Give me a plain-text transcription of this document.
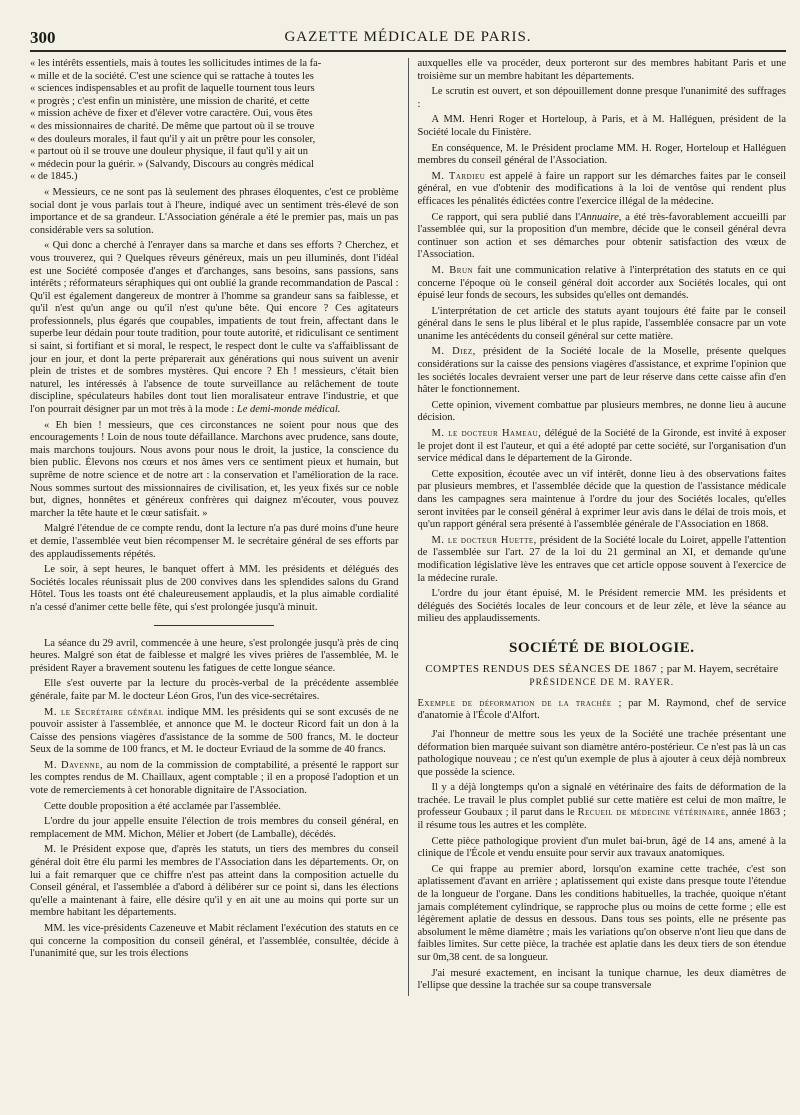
300	GAZETTE MÉDICALE DE PARIS.
« les intérêts essentiels, mais à toutes les sollicitudes intimes de la fa-
« mille et de la société. C'est une science qui se rattache à toutes les
« sciences indispensables et au profit de laquelle tournent tous leurs
« progrès ; c'est enfin un ministère, une mission de charité, et cette
« mission achève de fixer et d'élever votre caractère. Oui, vous êtes
« des missionnaires de charité. De même que partout où il se trouve
« des douleurs morales, il faut qu'il y ait un prêtre pour les consoler,
« partout où il se trouve une douleur physique, il faut qu'il y ait un
« médecin pour la guérir. » (Salvandy, Discours au congrès médical
« de 1845.)

« Messieurs, ce ne sont pas là seulement des phrases éloquentes, c'est ce problème social dont je vous parlais tout à l'heure, indiqué avec un sentiment très-élevé de son importance et de sa grandeur. L'Association générale a été le premier pas, mais un pas considérable vers sa solution.

« Qui donc a cherché à l'enrayer dans sa marche et dans ses efforts ? Cherchez, et vous trouverez, qui ? Quelques rêveurs généreux, mais un peu illuminés, dont l'idéal est une Société composée d'anges et d'archanges, sans besoins, sans passions, sans intérêts ; réformateurs séraphiques qui ont oublié la grande recommandation de Pascal : Qu'il est également dangereux de montrer à l'homme sa grandeur sans sa faiblesse, et qu'il n'est qu'un ange ou qu'il n'est qu'une bête. Qui encore ? Ces agitateurs professionnels, plus égarés que coupables, impatients de tout frein, affectant dans le superbe leur dédain pour toute tradition, pour toute autorité, et ridiculisant ce sentiment si saint, si fortifiant et si moral, le respect, le respect dont le culte va s'affaiblissant de jour en jour, et dont la perte préparerait aux générations qui nous suivent un avenir plein de tristes et de sombres mystères. Qui encore ? Eh ! messieurs, c'était bien naturel, les intéressés à l'absence de toute surveillance au relâchement de toute discipline, spéculateurs habiles dont tout lien moralisateur entrave l'industrie, et que l'on pourrait désigner par un mot très à la mode : Le demi-monde médical.

« Eh bien ! messieurs, que ces circonstances ne soient pour nous que des encouragements ! Loin de nous toute défaillance. Marchons avec prudence, sans doute, mais marchons toujours. Nous avons pour nous le droit, la justice, la conscience du bien public. Élevons nos cœurs et nos âmes vers ce sentiment pieux et humain, but suprême de notre science et de notre art : la conservation et l'amélioration de la race. Nous sommes surtout des missionnaires de civilisation, et, les yeux fixés sur ce noble but, dignes, honnêtes et généreux confrères qui daignez m'écouter, vous pouvez marcher la tête haute et le cœur satisfait. »

Malgré l'étendue de ce compte rendu, dont la lecture n'a pas duré moins d'une heure et demie, l'assemblée veut bien récompenser M. le secrétaire général de ses efforts par des applaudissements répétés.

Le soir, à sept heures, le banquet offert à MM. les présidents et délégués des Sociétés locales réunissait plus de 200 convives dans les splendides salons du Grand Hôtel. Tous les toasts ont été chaleureusement applaudis, et la plus aimable cordialité n'a cessé d'animer cette belle fête, qui s'est prolongée jusqu'à minuit.

La séance du 29 avril, commencée à une heure, s'est prolongée jusqu'à près de cinq heures. Malgré son état de faiblesse et malgré les vives prières de l'assemblée, M. le président Rayer a bravement soutenu les fatigues de cette longue séance.

Elle s'est ouverte par la lecture du procès-verbal de la précédente assemblée générale, faite par M. le docteur Léon Gros, l'un des vice-secrétaires.

M. le Secrétaire général indique MM. les présidents qui se sont excusés de ne pouvoir assister à l'assemblée, et annonce que M. le docteur Ricord fait un don à la Caisse des pensions viagères d'assistance de la somme de 500 francs, M. le docteur Seux de la somme de 100 francs, et M. le docteur Evriaud de la somme de 40 francs.

M. Davenne, au nom de la commission de comptabilité, a présenté le rapport sur les comptes rendus de M. Chaillaux, agent comptable ; il en a proposé l'adoption et un vote de remerciements à cet honorable dignitaire de l'Association.

Cette double proposition a été acclamée par l'assemblée.

L'ordre du jour appelle ensuite l'élection de trois membres du conseil général, en remplacement de MM. Michon, Mélier et Jobert (de Lamballe), décédés.

M. le Président expose que, d'après les statuts, un tiers des membres du conseil général doit être élu parmi les membres de l'Association dans les départements. Or, on lui a fait remarquer que ce chiffre n'est pas atteint dans la composition actuelle du Conseil général, et l'assemblée a d'abord à délibérer sur ce point si, dans les élections qu'elle a maintenant à faire, elle désire qu'il y en ait une au moins qui porte sur un membre habitant les départements.

MM. les vice-présidents Cazeneuve et Mabit réclament l'exécution des statuts en ce qui concerne la composition du conseil général, et l'assemblée, consultée, décide à l'unanimité que, sur les trois élections

auxquelles elle va procéder, deux porteront sur des membres habitant Paris et une troisième sur un membre habitant les départements.

Le scrutin est ouvert, et son dépouillement donne presque l'unanimité des suffrages :

A MM. Henri Roger et Horteloup, à Paris, et à M. Halléguen, président de la Société locale du Finistère.

En conséquence, M. le Président proclame MM. H. Roger, Horteloup et Halléguen membres du conseil général de l'Association.

M. Tardieu est appelé à faire un rapport sur les démarches faites par le conseil général, en vue d'obtenir des modifications à la loi de ventôse qui rendent plus efficaces les pénalités édictées contre l'exercice illégal de la médecine.

Ce rapport, qui sera publié dans l'Annuaire, a été très-favorablement accueilli par l'assemblée qui, sur la proposition d'un membre, décide que le conseil général devra continuer son action et ses démarches pour obtenir satisfaction des vœux de l'Association.

M. Brun fait une communication relative à l'interprétation des statuts en ce qui concerne l'époque où le conseil général doit accorder aux Sociétés locales, qui ont épuisé leur fonds de secours, les subsides qu'elles ont demandés.

L'interprétation de cet article des statuts ayant toujours été faite par le conseil général dans le sens le plus libéral et le plus rapide, l'assemblée consacre par un vote unanime les antécédents du conseil général sur cette matière.

M. Diez, président de la Société locale de la Moselle, présente quelques considérations sur la caisse des pensions viagères d'assistance, et exprime l'opinion que les sociétés locales devraient verser une part de leur réserve dans cette caisse afin d'en hâter le fonctionnement.

Cette opinion, vivement combattue par plusieurs membres, ne donne lieu à aucune décision.

M. le docteur Hameau, délégué de la Société de la Gironde, est invité à exposer le projet dont il est l'auteur, et qui a été adopté par cette société, sur l'organisation d'un service médical dans le département de la Gironde.

Cette exposition, écoutée avec un vif intérêt, donne lieu à des observations faites par plusieurs membres, et l'assemblée décide que la question de l'assistance médicale dans les campagnes sera maintenue à l'ordre du jour des Sociétés locales, qu'elles seront invitées par le conseil général à exprimer leur avis dans le délai de trois mois, et qu'un rapport général sera présenté à l'assemblée générale de l'Association en 1868.

M. le docteur Huette, président de la Société locale du Loiret, appelle l'attention de l'assemblée sur l'art. 27 de la loi du 21 germinal an XI, et demande qu'une modification législative lève les entraves que cet article oppose souvent à l'exercice de la médecine rurale.

L'ordre du jour étant épuisé, M. le Président remercie MM. les présidents et délégués des Sociétés locales de leur concours et de leur zèle, et lève la séance au milieu des applaudissements.

SOCIÉTÉ DE BIOLOGIE.
COMPTES RENDUS DES SÉANCES DE 1867 ; par M. Hayem, secrétaire
PRÉSIDENCE DE M. RAYER.

Exemple de déformation de la trachée ; par M. Raymond, chef de service d'anatomie à l'École d'Alfort.

J'ai l'honneur de mettre sous les yeux de la Société une trachée présentant une déformation bien marquée suivant son diamètre antéro-postérieur. Ce n'est pas là un cas pathologique nouveau ; ce n'est qu'un exemple de plus à ajouter à ceux déjà nombreux que possède la science.

Il y a déjà longtemps qu'on a signalé en vétérinaire des faits de déformation de la trachée. Le travail le plus complet publié sur cette matière est celui de mon maître, le professeur Goubaux ; il parut dans le Recueil de médecine vétérinaire, année 1863 ; il résume tous les autres et les complète.

Cette pièce pathologique provient d'un mulet bai-brun, âgé de 14 ans, amené à la clinique de l'École et vendu ensuite pour servir aux travaux anatomiques.

Ce qui frappe au premier abord, lorsqu'on examine cette trachée, c'est son aplatissement d'avant en arrière ; aplatissement qui existe dans presque toute l'étendue de la longueur de l'organe. Dans les conditions habituelles, la trachée, quoique n'étant jamais complétement cylindrique, se rapproche plus ou moins de cette forme ; elle est légèrement aplatie de dessus en dessous. Dans tous ses points, elle ne présente pas absolument le même diamètre ; mais les variations qu'on observe n'ont lieu que dans de faibles limites. Sur cette pièce, la trachée est aplatie dans les deux tiers de son étendue sur 0m,38 cent. de sa longueur.

J'ai mesuré exactement, en incisant la tunique charnue, les deux diamètres de l'ellipse que dessine la trachée sur sa coupe transversale
